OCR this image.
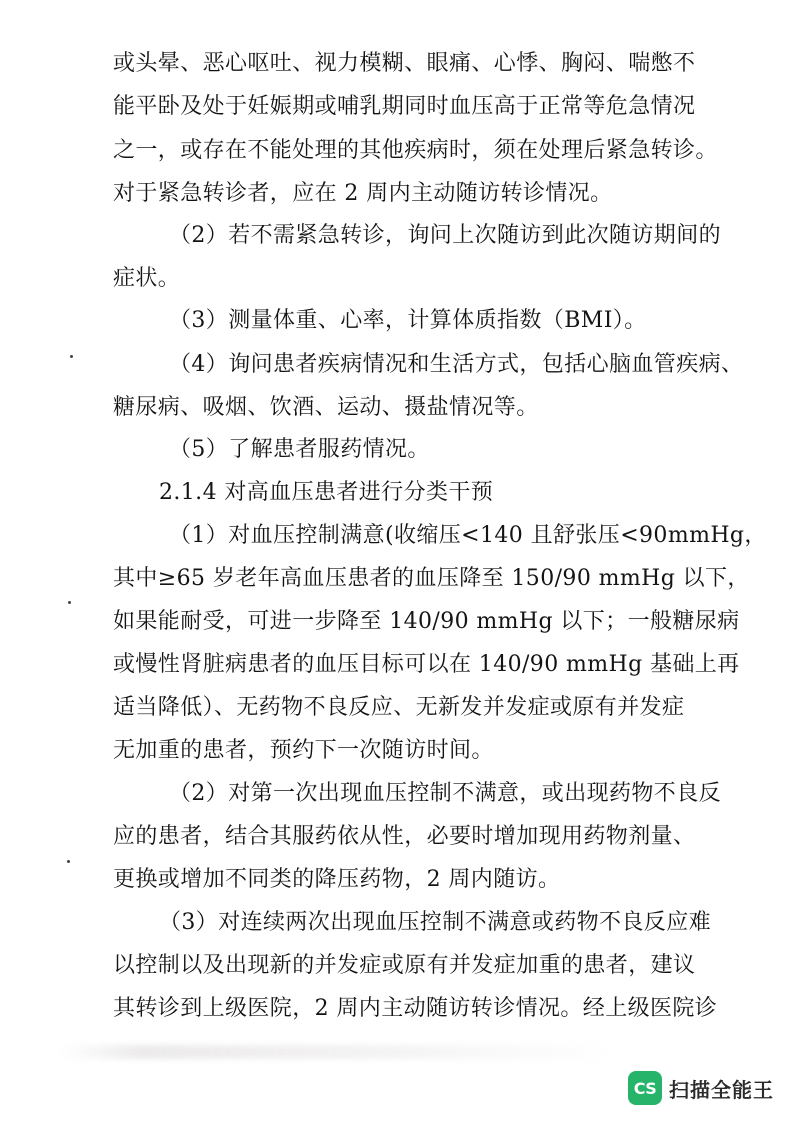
或头晕、恶心呕吐、视力模糊、眼痛、心悸、胸闷、喘憋不
能平卧及处于妊娠期或哺乳期同时血压高于正常等危急情况
之一，或存在不能处理的其他疾病时，须在处理后紧急转诊。
对于紧急转诊者，应在 2 周内主动随访转诊情况。
（2）若不需紧急转诊，询问上次随访到此次随访期间的
症状。
（3）测量体重、心率，计算体质指数（BMI）。
（4）询问患者疾病情况和生活方式，包括心脑血管疾病、
糖尿病、吸烟、饮酒、运动、摄盐情况等。
（5）了解患者服药情况。
2.1.4 对高血压患者进行分类干预
（1）对血压控制满意(收缩压<140 且舒张压<90mmHg，
其中≥65 岁老年高血压患者的血压降至 150/90 mmHg 以下，
如果能耐受，可进一步降至 140/90 mmHg 以下；一般糖尿病
或慢性肾脏病患者的血压目标可以在 140/90 mmHg 基础上再
适当降低）、无药物不良反应、无新发并发症或原有并发症
无加重的患者，预约下一次随访时间。
（2）对第一次出现血压控制不满意，或出现药物不良反
应的患者，结合其服药依从性，必要时增加现用药物剂量、
更换或增加不同类的降压药物，2 周内随访。
（3）对连续两次出现血压控制不满意或药物不良反应难
以控制以及出现新的并发症或原有并发症加重的患者，建议
其转诊到上级医院，2 周内主动随访转诊情况。经上级医院诊
CS 扫描全能王
